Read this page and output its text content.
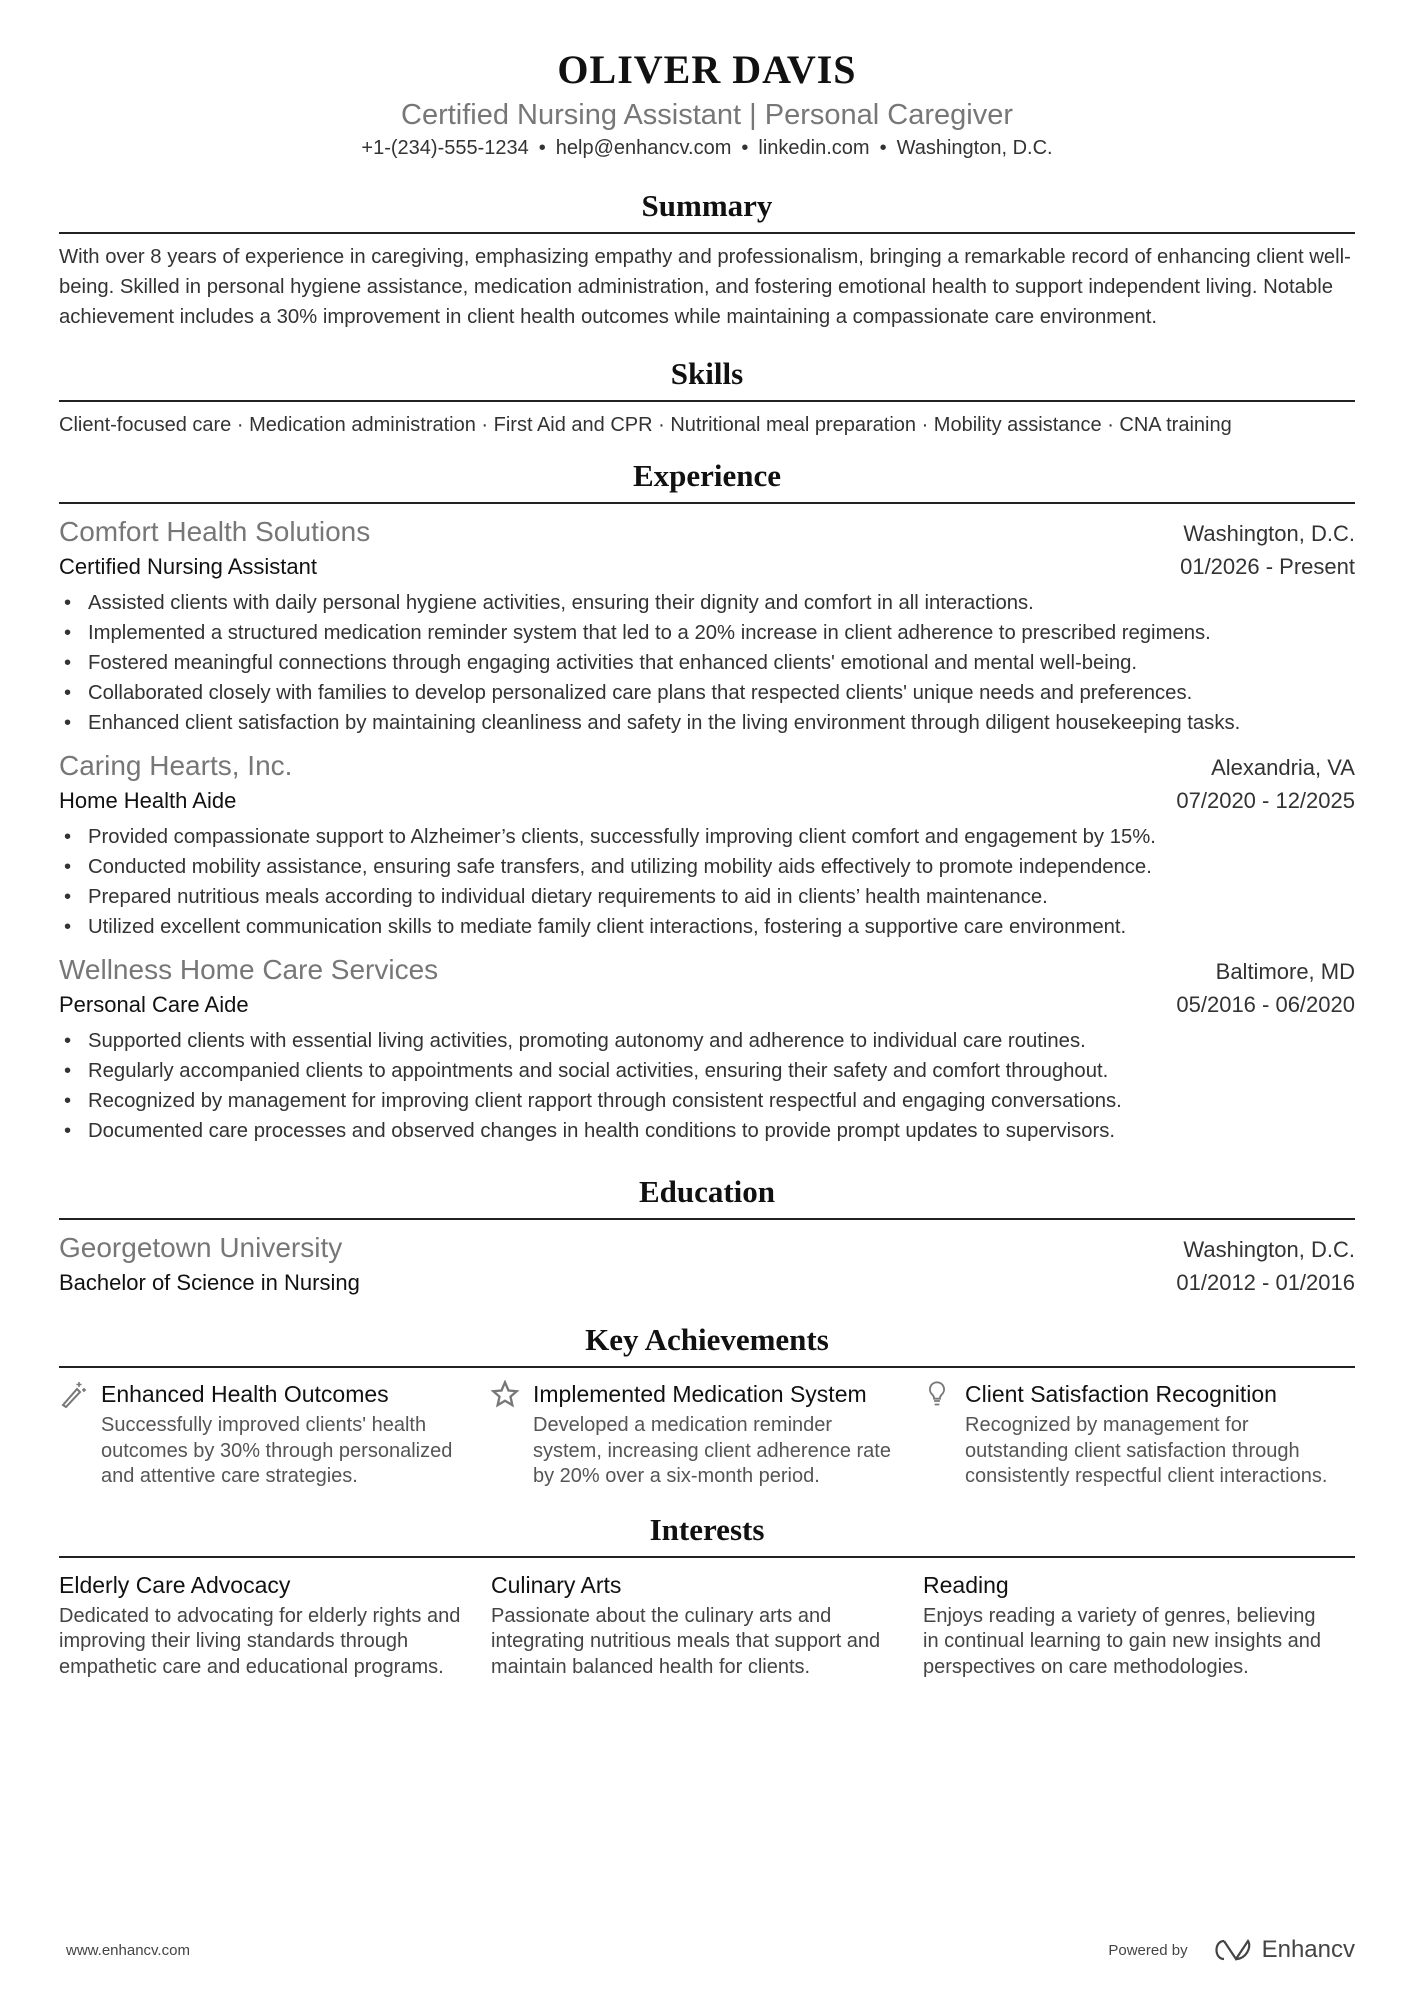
OLIVER DAVIS
Certified Nursing Assistant | Personal Caregiver
+1-(234)-555-1234 • help@enhancv.com • linkedin.com • Washington, D.C.
Summary
With over 8 years of experience in caregiving, emphasizing empathy and professionalism, bringing a remarkable record of enhancing client well-being. Skilled in personal hygiene assistance, medication administration, and fostering emotional health to support independent living. Notable achievement includes a 30% improvement in client health outcomes while maintaining a compassionate care environment.
Skills
Client-focused care · Medication administration · First Aid and CPR · Nutritional meal preparation · Mobility assistance · CNA training
Experience
Comfort Health Solutions	Washington, D.C.
Certified Nursing Assistant	01/2026 - Present
• Assisted clients with daily personal hygiene activities, ensuring their dignity and comfort in all interactions.
• Implemented a structured medication reminder system that led to a 20% increase in client adherence to prescribed regimens.
• Fostered meaningful connections through engaging activities that enhanced clients' emotional and mental well-being.
• Collaborated closely with families to develop personalized care plans that respected clients' unique needs and preferences.
• Enhanced client satisfaction by maintaining cleanliness and safety in the living environment through diligent housekeeping tasks.
Caring Hearts, Inc.	Alexandria, VA
Home Health Aide	07/2020 - 12/2025
• Provided compassionate support to Alzheimer’s clients, successfully improving client comfort and engagement by 15%.
• Conducted mobility assistance, ensuring safe transfers, and utilizing mobility aids effectively to promote independence.
• Prepared nutritious meals according to individual dietary requirements to aid in clients’ health maintenance.
• Utilized excellent communication skills to mediate family client interactions, fostering a supportive care environment.
Wellness Home Care Services	Baltimore, MD
Personal Care Aide	05/2016 - 06/2020
• Supported clients with essential living activities, promoting autonomy and adherence to individual care routines.
• Regularly accompanied clients to appointments and social activities, ensuring their safety and comfort throughout.
• Recognized by management for improving client rapport through consistent respectful and engaging conversations.
• Documented care processes and observed changes in health conditions to provide prompt updates to supervisors.
Education
Georgetown University	Washington, D.C.
Bachelor of Science in Nursing	01/2012 - 01/2016
Key Achievements
Enhanced Health Outcomes
Successfully improved clients' health outcomes by 30% through personalized and attentive care strategies.
Implemented Medication System
Developed a medication reminder system, increasing client adherence rate by 20% over a six-month period.
Client Satisfaction Recognition
Recognized by management for outstanding client satisfaction through consistently respectful client interactions.
Interests
Elderly Care Advocacy
Dedicated to advocating for elderly rights and improving their living standards through empathetic care and educational programs.
Culinary Arts
Passionate about the culinary arts and integrating nutritious meals that support and maintain balanced health for clients.
Reading
Enjoys reading a variety of genres, believing in continual learning to gain new insights and perspectives on care methodologies.
www.enhancv.com	Powered by	Enhancv
